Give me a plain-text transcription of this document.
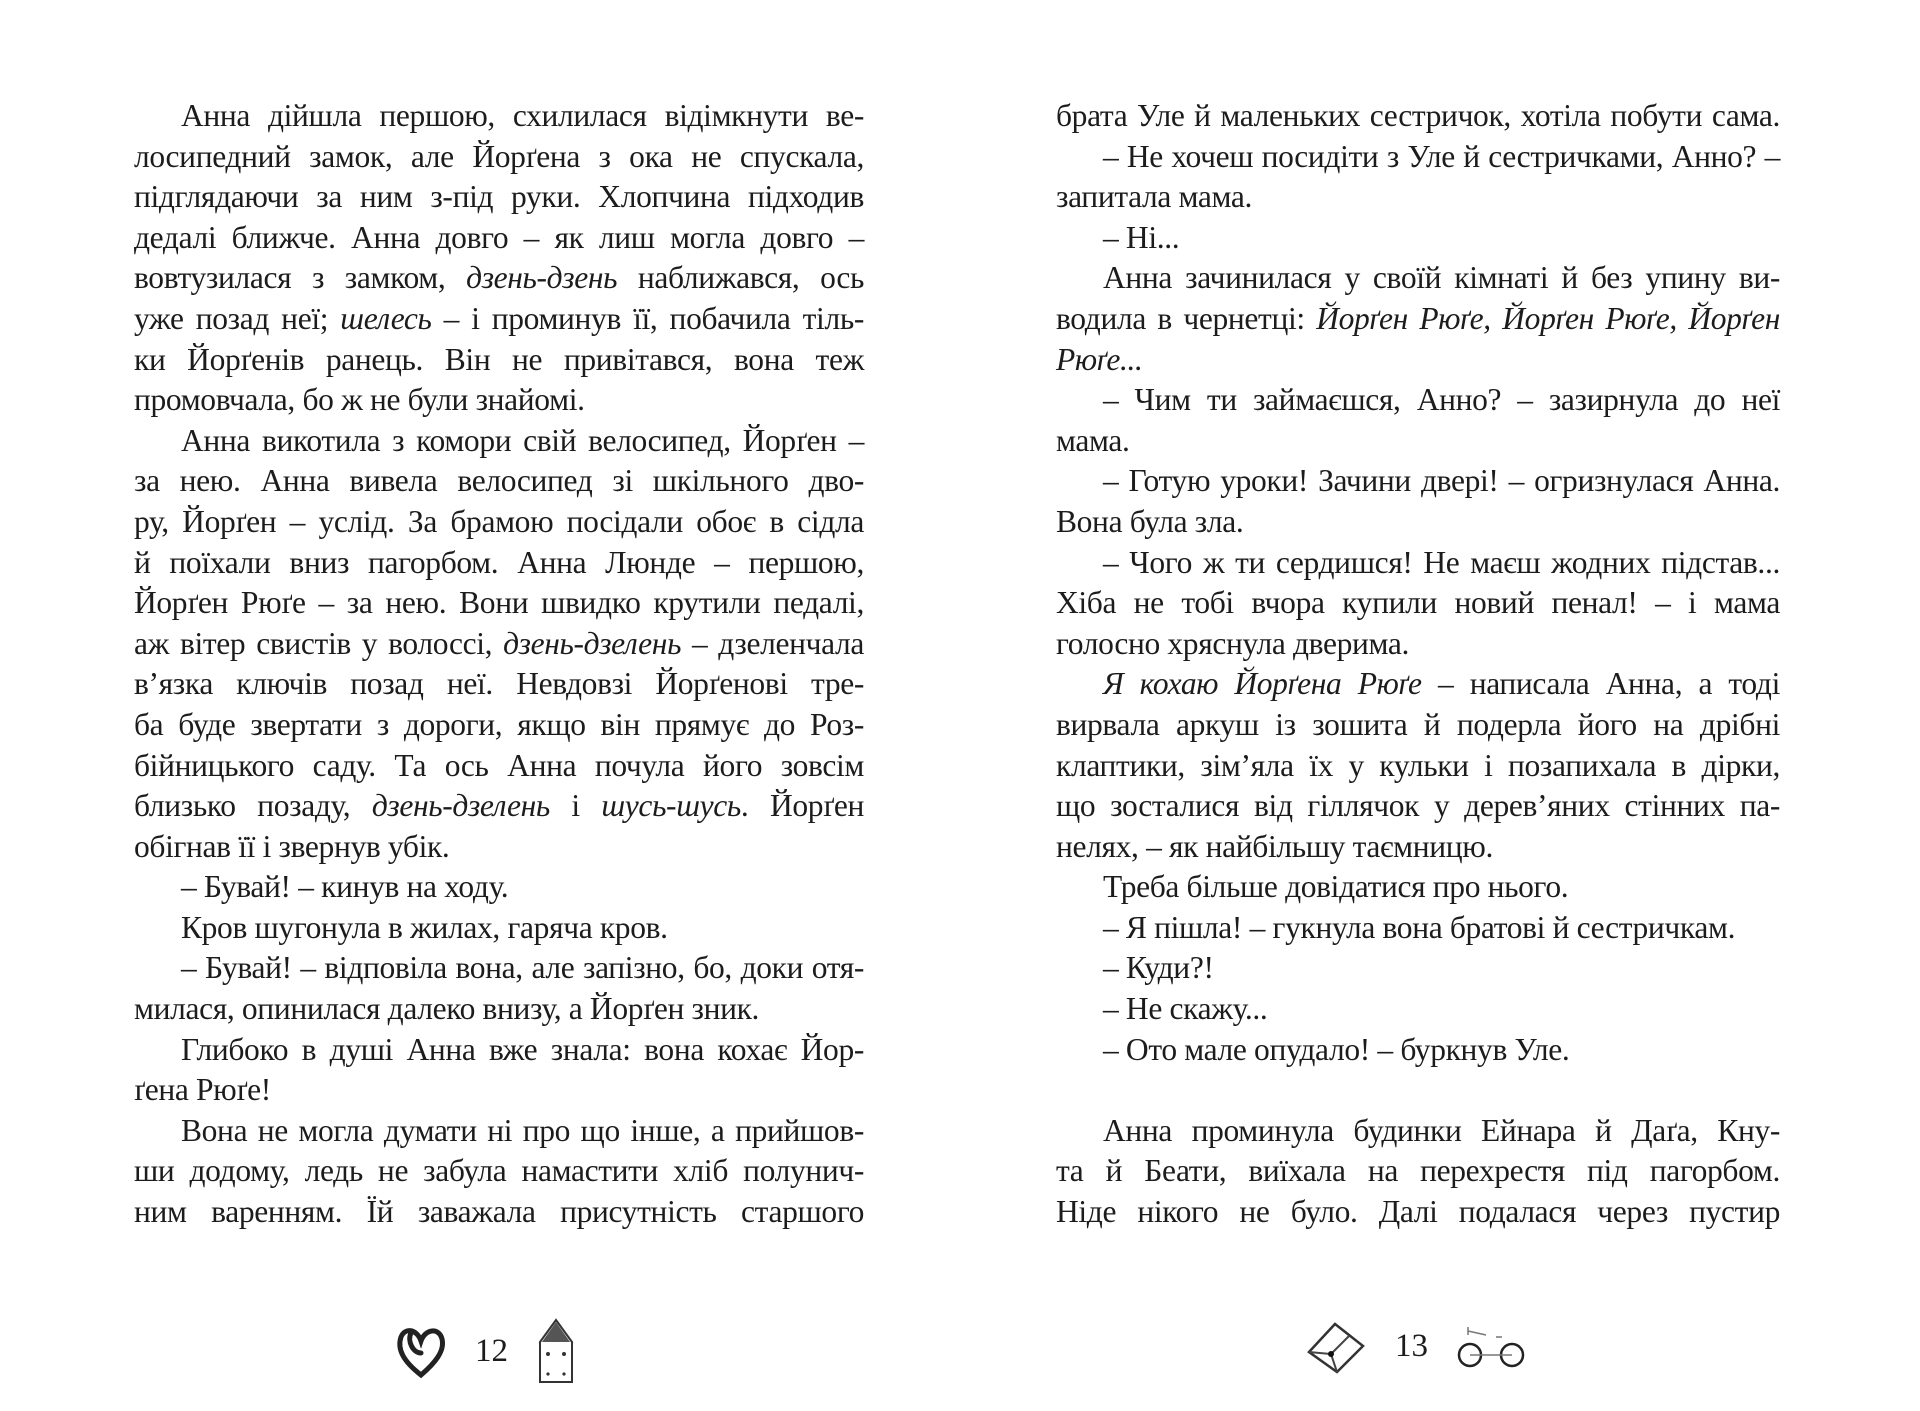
Анна дійшла першою, схилилася відімкнути ве-
лосипедний замок, але Йорґена з ока не спускала,
підглядаючи за ним з-під руки. Хлопчина підходив
дедалі ближче. Анна довго – як лиш могла довго –
вовтузилася з замком, дзень-дзень наближався, ось
уже позад неї; шелесь – і проминув її, побачила тіль-
ки Йорґенів ранець. Він не привітався, вона теж
промовчала, бо ж не були знайомі.
Анна викотила з комори свій велосипед, Йорґен –
за нею. Анна вивела велосипед зі шкільного дво-
ру, Йорґен – услід. За брамою посідали обоє в сідла
й поїхали вниз пагорбом. Анна Люнде – першою,
Йорґен Рюґе – за нею. Вони швидко крутили педалі,
аж вітер свистів у волоссі, дзень-дзелень – дзеленчала
в’язка ключів позад неї. Невдовзі Йорґенові тре-
ба буде звертати з дороги, якщо він прямує до Роз-
бійницького саду. Та ось Анна почула його зовсім
близько позаду, дзень-дзелень і шусь-шусь. Йорґен
обігнав її і звернув убік.
– Бувай! – кинув на ходу.
Кров шугонула в жилах, гаряча кров.
– Бувай! – відповіла вона, але запізно, бо, доки отя-
милася, опинилася далеко внизу, а Йорґен зник.
Глибоко в душі Анна вже знала: вона кохає Йор-
ґена Рюґе!
Вона не могла думати ні про що інше, а прийшов-
ши додому, ледь не забула намастити хліб полунич-
ним варенням. Їй заважала присутність старшого
брата Уле й маленьких сестричок, хотіла побути сама.
– Не хочеш посидіти з Уле й сестричками, Анно? –
запитала мама.
– Ні...
Анна зачинилася у своїй кімнаті й без упину ви-
водила в чернетці: Йорґен Рюґе, Йорґен Рюґе, Йорґен
Рюґе...
– Чим ти займаєшся, Анно? – зазирнула до неї
мама.
– Готую уроки! Зачини двері! – огризнулася Анна.
Вона була зла.
– Чого ж ти сердишся! Не маєш жодних підстав...
Хіба не тобі вчора купили новий пенал! – і мама
голосно хряснула дверима.
Я кохаю Йорґена Рюґе – написала Анна, а тоді
вирвала аркуш із зошита й подерла його на дрібні
клаптики, зім’яла їх у кульки і позапихала в дірки,
що зосталися від гіллячок у дерев’яних стінних па-
нелях, – як найбільшу таємницю.
Треба більше довідатися про нього.
– Я пішла! – гукнула вона братові й сестричкам.
– Куди?!
– Не скажу...
– Ото мале опудало! – буркнув Уле.
Анна проминула будинки Ейнара й Даґа, Кну-
та й Беати, виїхала на перехрестя під пагорбом.
Ніде нікого не було. Далі подалася через пустир
12	13
